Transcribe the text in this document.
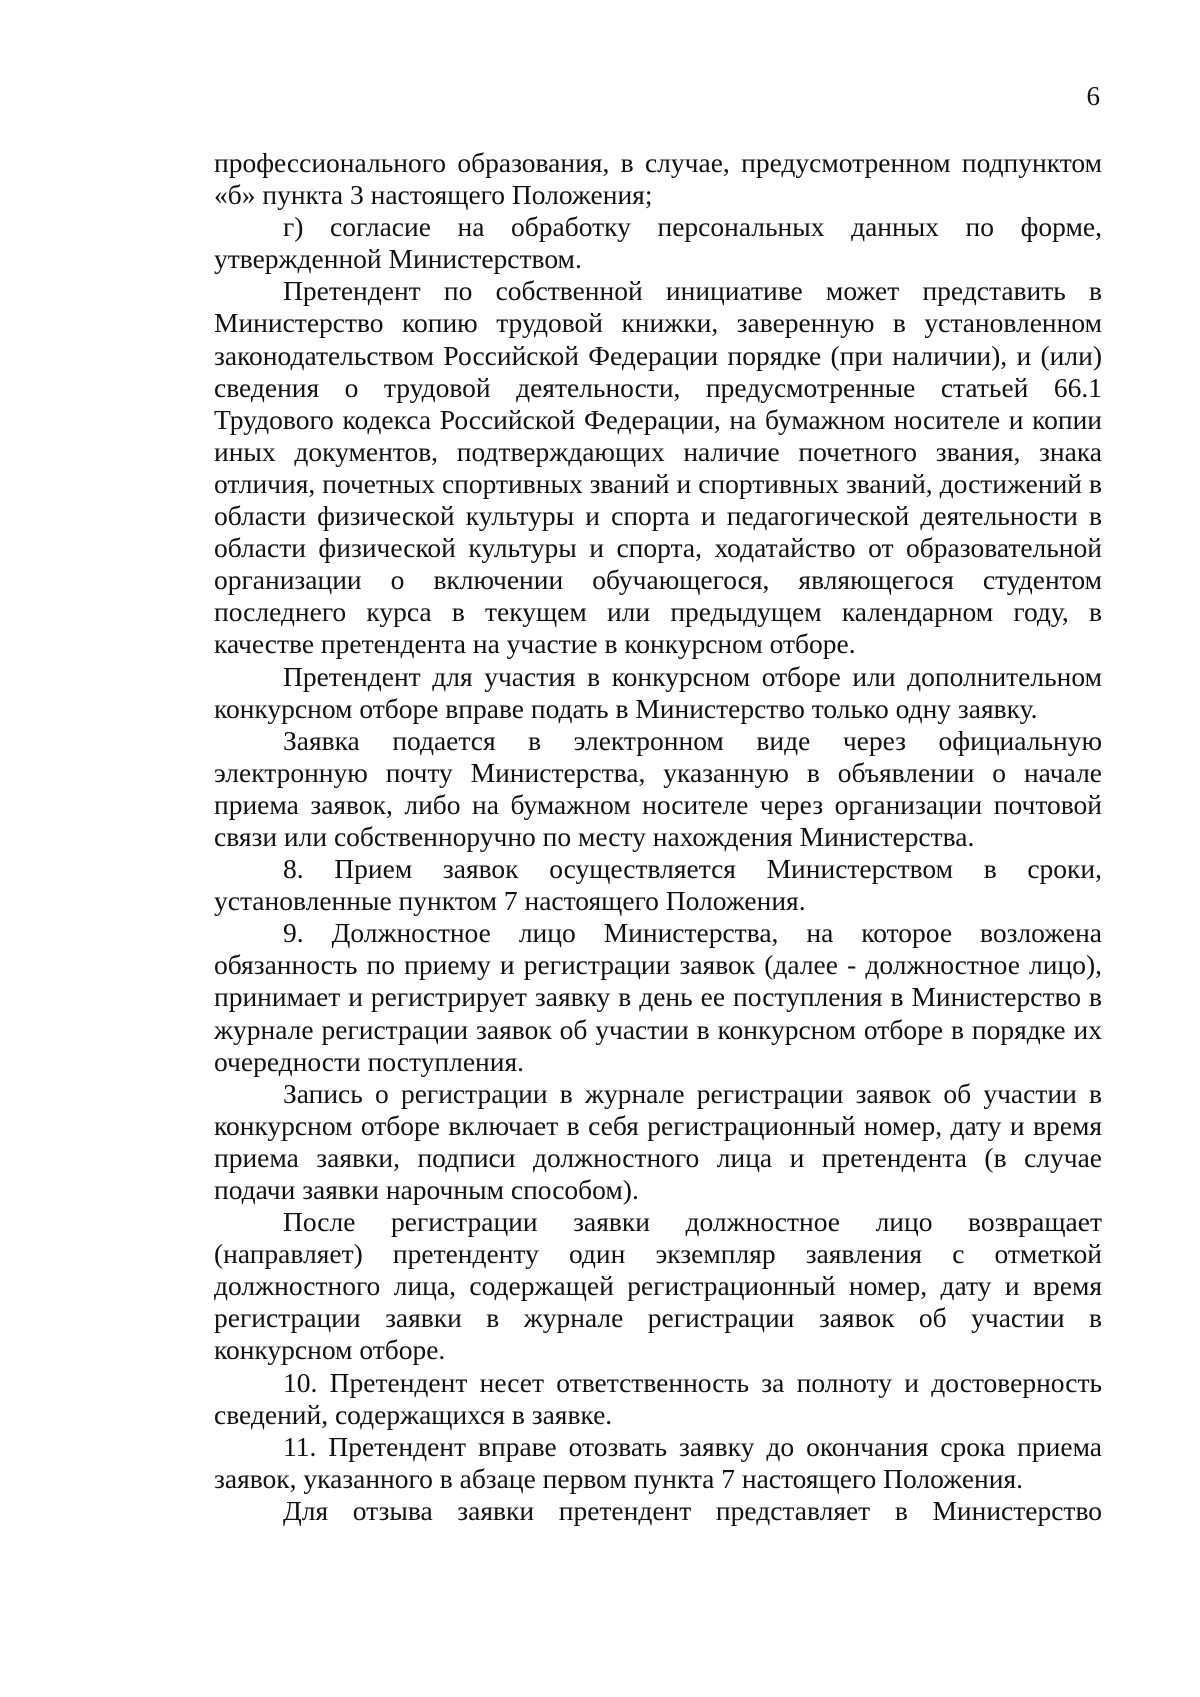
6

профессионального образования, в случае, предусмотренном подпунктом «б» пункта 3 настоящего Положения;

г) согласие на обработку персональных данных по форме, утвержденной Министерством.

Претендент по собственной инициативе может представить в Министерство копию трудовой книжки, заверенную в установленном законодательством Российской Федерации порядке (при наличии), и (или) сведения о трудовой деятельности, предусмотренные статьей 66.1 Трудового кодекса Российской Федерации, на бумажном носителе и копии иных документов, подтверждающих наличие почетного звания, знака отличия, почетных спортивных званий и спортивных званий, достижений в области физической культуры и спорта и педагогической деятельности в области физической культуры и спорта, ходатайство от образовательной организации о включении обучающегося, являющегося студентом последнего курса в текущем или предыдущем календарном году, в качестве претендента на участие в конкурсном отборе.

Претендент для участия в конкурсном отборе или дополнительном конкурсном отборе вправе подать в Министерство только одну заявку.

Заявка подается в электронном виде через официальную электронную почту Министерства, указанную в объявлении о начале приема заявок, либо на бумажном носителе через организации почтовой связи или собственноручно по месту нахождения Министерства.

8. Прием заявок осуществляется Министерством в сроки, установленные пунктом 7 настоящего Положения.

9. Должностное лицо Министерства, на которое возложена обязанность по приему и регистрации заявок (далее - должностное лицо), принимает и регистрирует заявку в день ее поступления в Министерство в журнале регистрации заявок об участии в конкурсном отборе в порядке их очередности поступления.

Запись о регистрации в журнале регистрации заявок об участии в конкурсном отборе включает в себя регистрационный номер, дату и время приема заявки, подписи должностного лица и претендента (в случае подачи заявки нарочным способом).

После регистрации заявки должностное лицо возвращает (направляет) претенденту один экземпляр заявления с отметкой должностного лица, содержащей регистрационный номер, дату и время регистрации заявки в журнале регистрации заявок об участии в конкурсном отборе.

10. Претендент несет ответственность за полноту и достоверность сведений, содержащихся в заявке.

11. Претендент вправе отозвать заявку до окончания срока приема заявок, указанного в абзаце первом пункта 7 настоящего Положения.

Для отзыва заявки претендент представляет в Министерство
